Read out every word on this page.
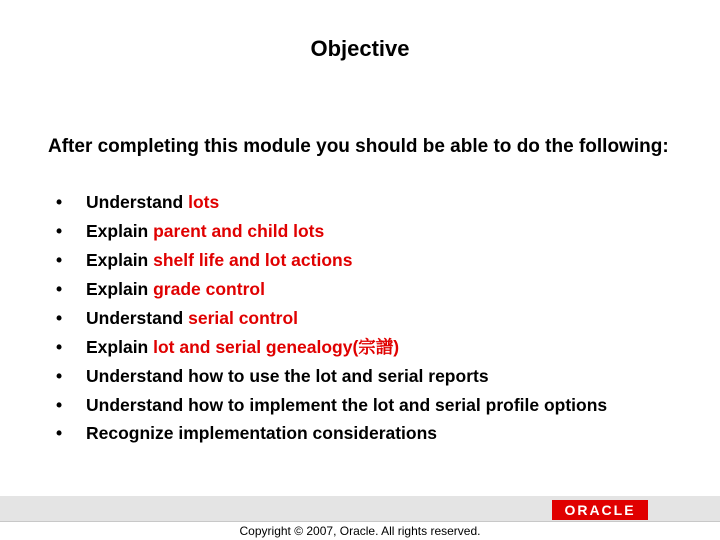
Objective
After completing this module you should be able to do the following:
•	Understand lots
•	Explain parent and child lots
•	Explain shelf life and lot actions
•	Explain grade control
•	Understand serial control
•	Explain lot and serial genealogy(宗譜)
•	Understand how to use the lot and serial reports
•	Understand how to implement the lot and serial profile options
•	Recognize implementation considerations
ORACLE
Copyright © 2007, Oracle. All rights reserved.
